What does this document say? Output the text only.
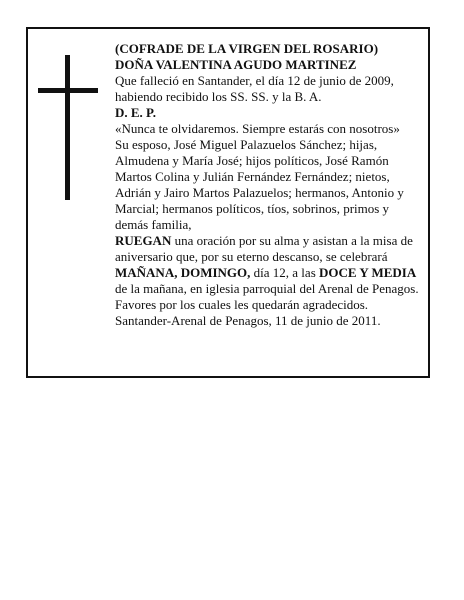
(COFRADE DE LA VIRGEN DEL ROSARIO)

DOÑA VALENTINA AGUDO MARTINEZ

Que falleció en Santander, el día 12 de junio de 2009, habiendo recibido los SS. SS. y la B. A.

D. E. P.

«Nunca te olvidaremos. Siempre estarás con nosotros»

Su esposo, José Miguel Palazuelos Sánchez; hijas, Almudena y María José; hijos políticos, José Ramón Martos Colina y Julián Fernández Fernández; nietos, Adrián y Jairo Martos Palazuelos; hermanos, Antonio y Marcial; hermanos políticos, tíos, sobrinos, primos y demás familia,

RUEGAN una oración por su alma y asistan a la misa de aniversario que, por su eterno descanso, se celebrará MAÑANA, DOMINGO, día 12, a las DOCE Y MEDIA de la mañana, en iglesia parroquial del Arenal de Penagos. Favores por los cuales les quedarán agradecidos.

Santander-Arenal de Penagos, 11 de junio de 2011.
